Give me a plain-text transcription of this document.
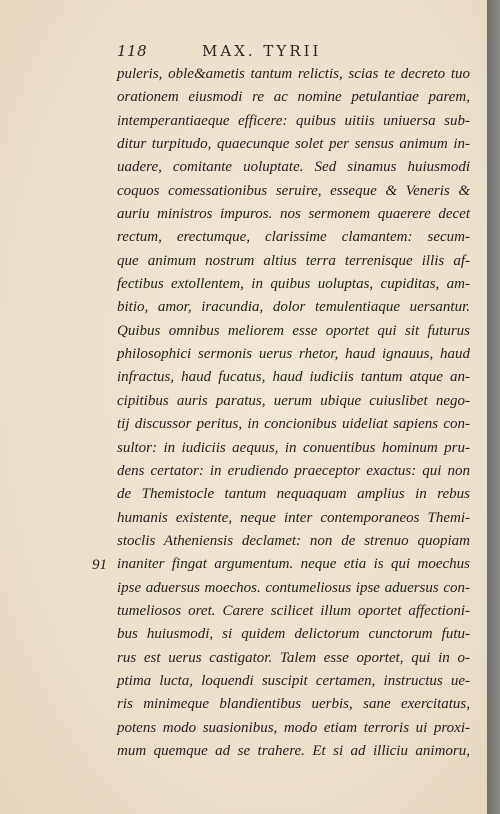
118	MAX. TYRII
91
puleris, oble&ametis tantum relictis, scias te decreto tuo
orationem eiusmodi re ac nomine petulantiae parem,
intemperantiaeque efficere: quibus uitiis uniuersa sub-
ditur turpitudo, quaecunque solet per sensus animum in-
uadere, comitante uoluptate. Sed sinamus huiusmodi
coquos comessationibus seruire, esseque & Veneris &
auriu ministros impuros. nos sermonem quaerere decet
rectum, erectumque, clarissime clamantem: secum-
que animum nostrum altius terra terrenisque illis af-
fectibus extollentem, in quibus uoluptas, cupiditas, am-
bitio, amor, iracundia, dolor temulentiaque uersantur.
Quibus omnibus meliorem esse oportet qui sit futurus
philosophici sermonis uerus rhetor, haud ignauus, haud
infractus, haud fucatus, haud iudiciis tantum atque an-
cipitibus auris paratus, uerum ubique cuiuslibet nego-
tij discussor peritus, in concionibus uideliat sapiens con-
sultor: in iudiciis aequus, in conuentibus hominum pru-
dens certator: in erudiendo praeceptor exactus: qui non
de Themistocle tantum nequaquam amplius in rebus
humanis existente, neque inter contemporaneos Themi-
stoclis Atheniensis declamet: non de strenuo quopiam
inaniter fingat argumentum. neque etia is qui moechus
ipse aduersus moechos. contumeliosus ipse aduersus con-
tumeliosos oret. Carere scilicet illum oportet affectioni-
bus huiusmodi, si quidem delictorum cunctorum futu-
rus est uerus castigator. Talem esse oportet, qui in o-
ptima lucta, loquendi suscipit certamen, instructus ue-
ris minimeque blandientibus uerbis, sane exercitatus,
potens modo suasionibus, modo etiam terroris ui proxi-
mum quemque ad se trahere. Et si ad illiciu animoru,
